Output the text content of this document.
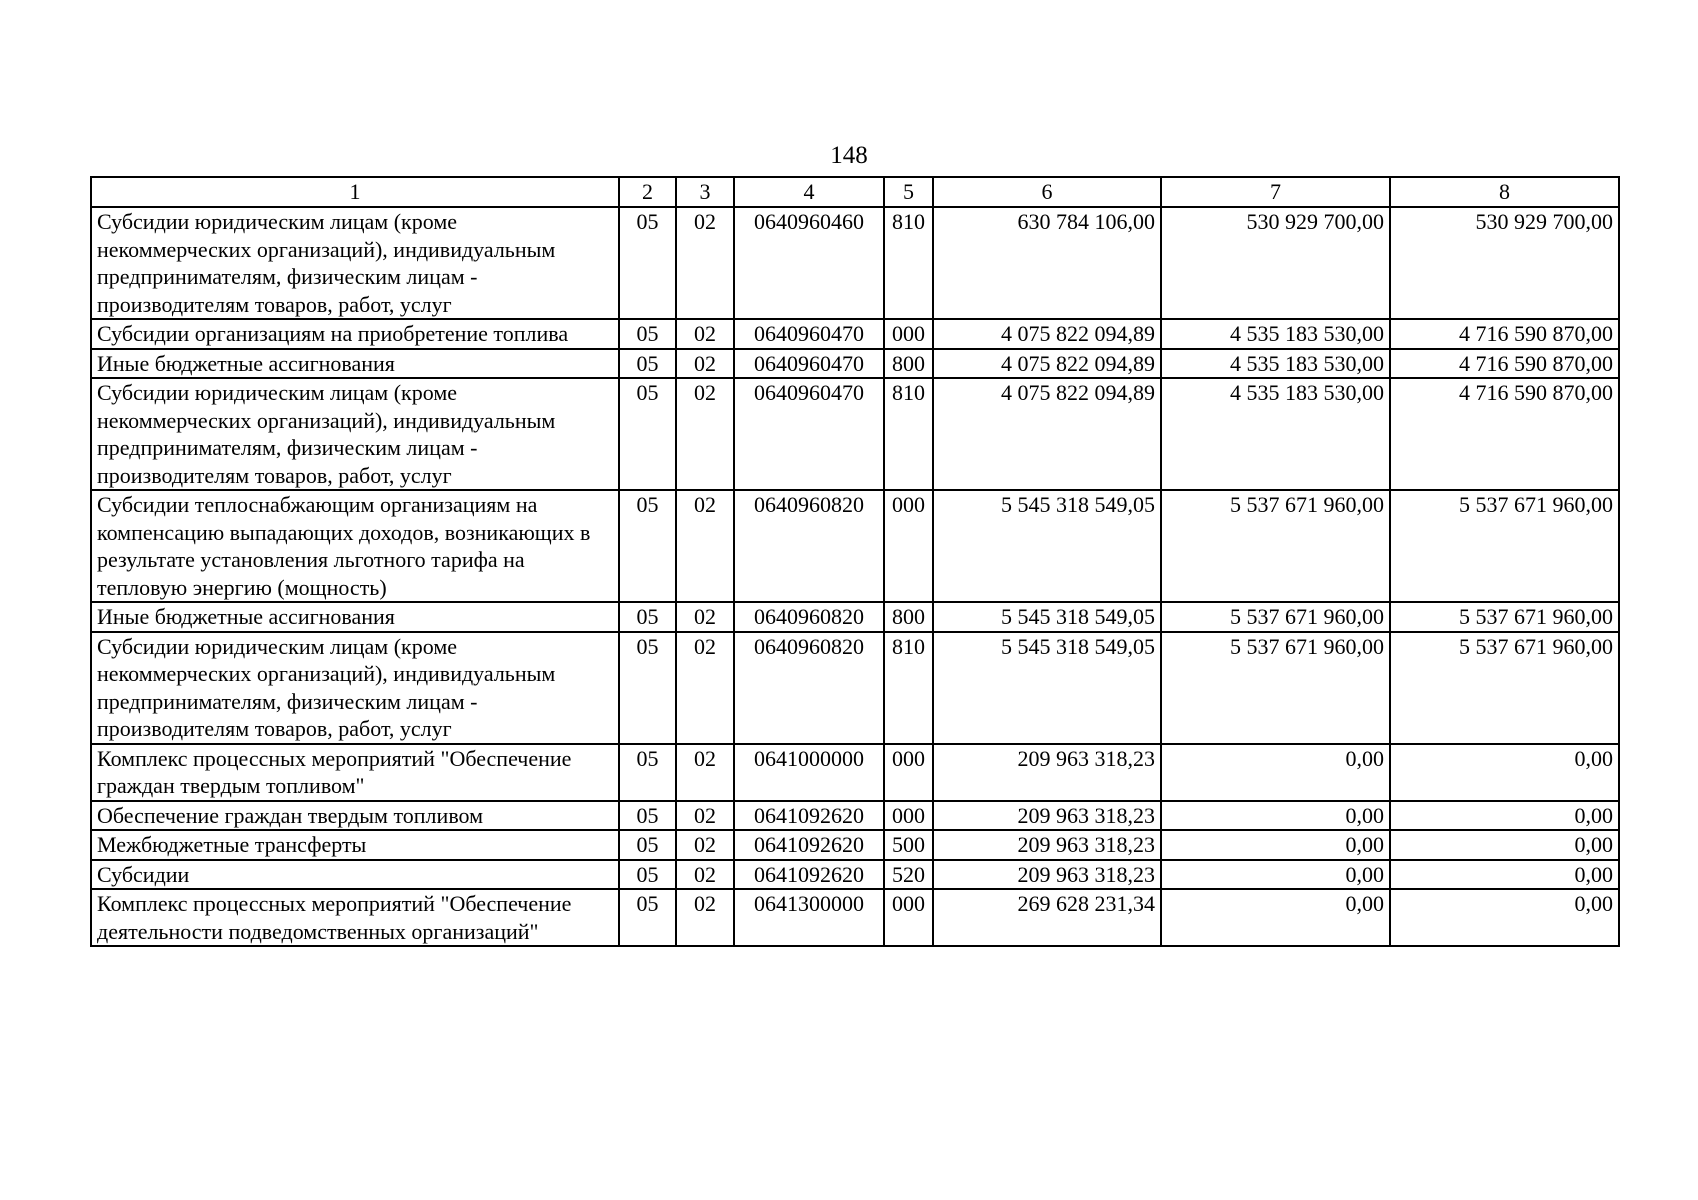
148
1	2	3	4	5	6	7	8
Субсидии юридическим лицам (кроме некоммерческих организаций), индивидуальным предпринимателям, физическим лицам - производителям товаров, работ, услуг	05	02	0640960460	810	630 784 106,00	530 929 700,00	530 929 700,00
Субсидии организациям на приобретение топлива	05	02	0640960470	000	4 075 822 094,89	4 535 183 530,00	4 716 590 870,00
Иные бюджетные ассигнования	05	02	0640960470	800	4 075 822 094,89	4 535 183 530,00	4 716 590 870,00
Субсидии юридическим лицам (кроме некоммерческих организаций), индивидуальным предпринимателям, физическим лицам - производителям товаров, работ, услуг	05	02	0640960470	810	4 075 822 094,89	4 535 183 530,00	4 716 590 870,00
Субсидии теплоснабжающим организациям на компенсацию выпадающих доходов, возникающих в результате установления льготного тарифа на тепловую энергию (мощность)	05	02	0640960820	000	5 545 318 549,05	5 537 671 960,00	5 537 671 960,00
Иные бюджетные ассигнования	05	02	0640960820	800	5 545 318 549,05	5 537 671 960,00	5 537 671 960,00
Субсидии юридическим лицам (кроме некоммерческих организаций), индивидуальным предпринимателям, физическим лицам - производителям товаров, работ, услуг	05	02	0640960820	810	5 545 318 549,05	5 537 671 960,00	5 537 671 960,00
Комплекс процессных мероприятий "Обеспечение граждан твердым топливом"	05	02	0641000000	000	209 963 318,23	0,00	0,00
Обеспечение граждан твердым топливом	05	02	0641092620	000	209 963 318,23	0,00	0,00
Межбюджетные трансферты	05	02	0641092620	500	209 963 318,23	0,00	0,00
Субсидии	05	02	0641092620	520	209 963 318,23	0,00	0,00
Комплекс процессных мероприятий "Обеспечение деятельности подведомственных организаций"	05	02	0641300000	000	269 628 231,34	0,00	0,00
